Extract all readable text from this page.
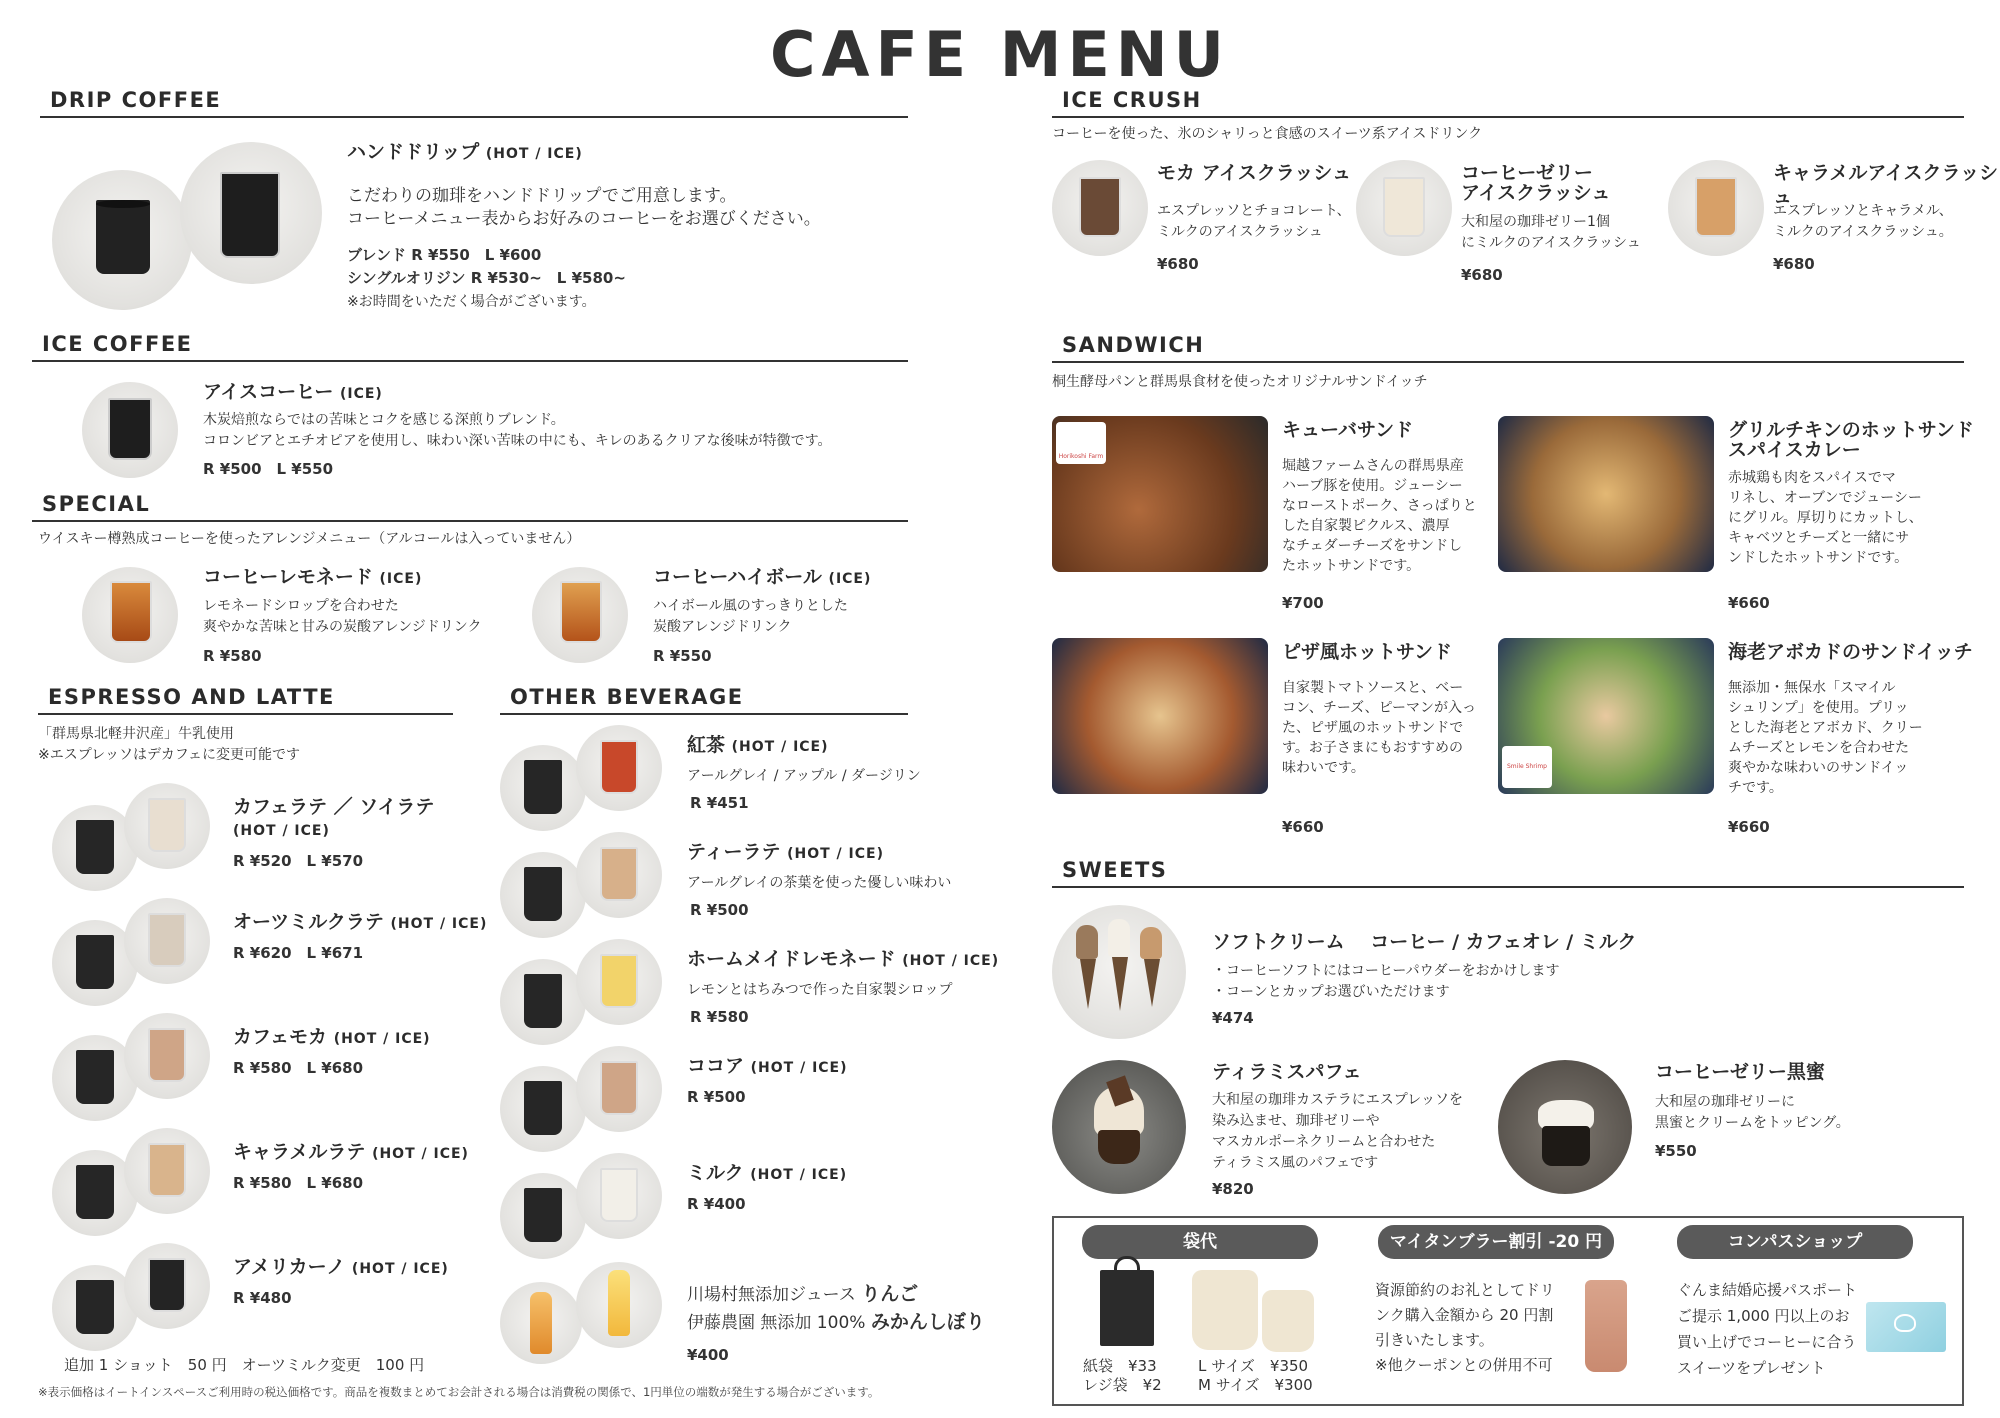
CAFE MENU
DRIP COFFEE
ハンドドリップ (HOT / ICE)
こだわりの珈琲をハンドドリップでご用意します。
コーヒーメニュー表からお好みのコーヒーをお選びください。
ブレンド R ¥550　L ¥600
シングルオリジン R ¥530~　L ¥580~
※お時間をいただく場合がございます。
ICE COFFEE
アイスコーヒー (ICE)
木炭焙煎ならではの苦味とコクを感じる深煎りブレンド。
コロンビアとエチオピアを使用し、味わい深い苦味の中にも、キレのあるクリアな後味が特徴です。
R ¥500　L ¥550
SPECIAL
ウイスキー樽熟成コーヒーを使ったアレンジメニュー（アルコールは入っていません）
コーヒーレモネード (ICE)
レモネードシロップを合わせた
爽やかな苦味と甘みの炭酸アレンジドリンク
R ¥580
コーヒーハイボール (ICE)
ハイボール風のすっきりとした
炭酸アレンジドリンク
R ¥550
ESPRESSO AND LATTE
「群馬県北軽井沢産」牛乳使用
※エスプレッソはデカフェに変更可能です
カフェラテ ／ ソイラテ
(HOT / ICE)
R ¥520　L ¥570
オーツミルクラテ (HOT / ICE)
R ¥620　L ¥671
カフェモカ (HOT / ICE)
R ¥580　L ¥680
キャラメルラテ (HOT / ICE)
R ¥580　L ¥680
アメリカーノ (HOT / ICE)
R ¥480
追加 1 ショット　50 円　オーツミルク変更　100 円
OTHER BEVERAGE
紅茶 (HOT / ICE)
アールグレイ / アップル / ダージリン
R ¥451
ティーラテ (HOT / ICE)
アールグレイの茶葉を使った優しい味わい
R ¥500
ホームメイドレモネード (HOT / ICE)
レモンとはちみつで作った自家製シロップ
R ¥580
ココア (HOT / ICE)
R ¥500
ミルク (HOT / ICE)
R ¥400
川場村無添加ジュース りんご
伊藤農園 無添加 100% みかんしぼり
¥400
※表示価格はイートインスペースご利用時の税込価格です。商品を複数まとめてお会計される場合は消費税の関係で、1円単位の端数が発生する場合がございます。
ICE CRUSH
コーヒーを使った、氷のシャリっと食感のスイーツ系アイスドリンク
モカ アイスクラッシュ
エスプレッソとチョコレート、
ミルクのアイスクラッシュ
¥680
コーヒーゼリー
アイスクラッシュ
大和屋の珈琲ゼリー1個
にミルクのアイスクラッシュ
¥680
キャラメルアイスクラッシュ
エスプレッソとキャラメル、
ミルクのアイスクラッシュ。
¥680
SANDWICH
桐生酵母パンと群馬県食材を使ったオリジナルサンドイッチ
Horikoshi Farm
キューバサンド
堀越ファームさんの群馬県産
ハーブ豚を使用。ジューシー
なローストポーク、さっぱりと
した自家製ピクルス、濃厚
なチェダーチーズをサンドし
たホットサンドです。
¥700
グリルチキンのホットサンド
スパイスカレー
赤城鶏も肉をスパイスでマ
リネし、オーブンでジューシー
にグリル。厚切りにカットし、
キャベツとチーズと一緒にサ
ンドしたホットサンドです。
¥660
ピザ風ホットサンド
自家製トマトソースと、ベー
コン、チーズ、ピーマンが入っ
た、ピザ風のホットサンドで
す。お子さまにもおすすめの
味わいです。
¥660
Smile Shrimp
海老アボカドのサンドイッチ
無添加・無保水「スマイル
シュリンプ」を使用。プリッ
とした海老とアボカド、クリー
ムチーズとレモンを合わせた
爽やかな味わいのサンドイッ
チです。
¥660
SWEETS
ソフトクリーム　 コーヒー / カフェオレ / ミルク
・コーヒーソフトにはコーヒーパウダーをおかけします
・コーンとカップお選びいただけます
¥474
ティラミスパフェ
大和屋の珈琲カステラにエスプレッソを
染み込ませ、珈琲ゼリーや
マスカルポーネクリームと合わせた
ティラミス風のパフェです
¥820
コーヒーゼリー黒蜜
大和屋の珈琲ゼリーに
黒蜜とクリームをトッピング。
¥550
袋代
紙袋　¥33
レジ袋　¥2
L サイズ　¥350
M サイズ　¥300
マイタンブラー割引 -20 円
資源節約のお礼としてドリ
ンク購入金額から 20 円割
引きいたします。
※他クーポンとの併用不可
コンパスショップ
ぐんま結婚応援パスポート
ご提示 1,000 円以上のお
買い上げでコーヒーに合う
スイーツをプレゼント
